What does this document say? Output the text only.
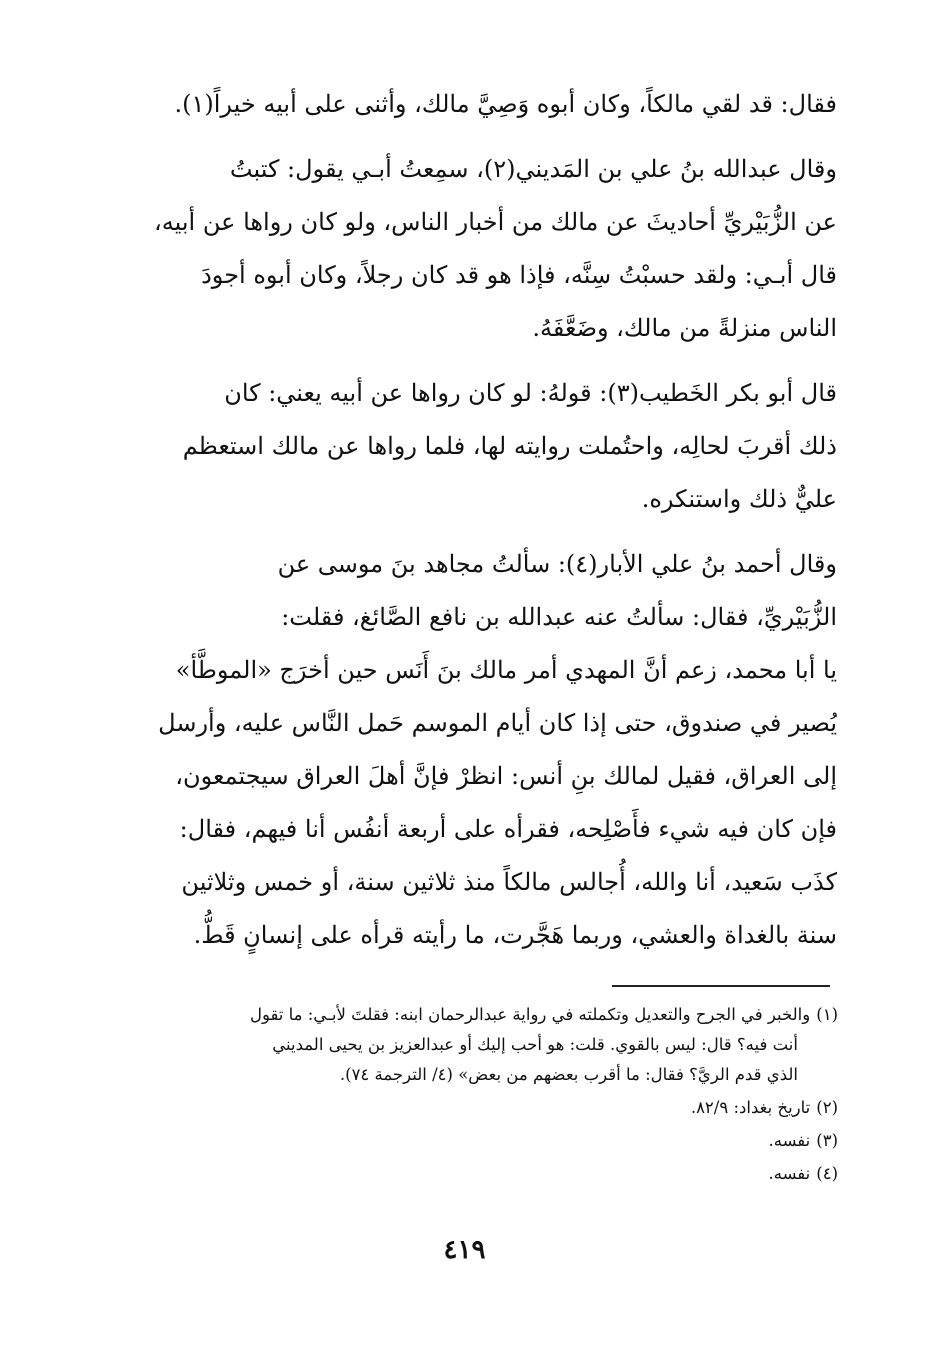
فقال: قد لقي مالكاً، وكان أبوه وَصِيَّ مالك، وأثنى على أبيه خيراً(١).

وقال عبدالله بنُ علي بن المَديني(٢)، سمِعتُ أبـي يقول: كتبتُ
عن الزُّبَيْريِّ أحاديثَ عن مالك من أخبار الناس، ولو كان رواها عن أبيه،
قال أبـي: ولقد حسبْتُ سِنَّه، فإذا هو قد كان رجلاً، وكان أبوه أجودَ
الناس منزلةً من مالك، وضَعَّفَهُ.

قال أبو بكر الخَطيب(٣): قولهُ: لو كان رواها عن أبيه يعني: كان
ذلك أقربَ لحالِه، واحتُملت روايته لها، فلما رواها عن مالك استعظم
عليٌّ ذلك واستنكره.

وقال أحمد بنُ علي الأبار(٤): سألتُ مجاهد بنَ موسى عن
الزُّبَيْريِّ، فقال: سألتُ عنه عبدالله بن نافع الصَّائغ، فقلت:
يا أبا محمد، زعم أنَّ المهدي أمر مالك بنَ أَنَس حين أخرَج «الموطَّأ»
يُصير في صندوق، حتى إذا كان أيام الموسم حَمل النَّاس عليه، وأرسل
إلى العراق، فقيل لمالك بنِ أنس: انظرْ فإنَّ أهلَ العراق سيجتمعون،
فإن كان فيه شيء فأَصْلِحه، فقرأه على أربعة أنفُس أنا فيهم، فقال:
كذَب سَعيد، أنا والله، أُجالس مالكاً منذ ثلاثين سنة، أو خمس وثلاثين
سنة بالغداة والعشي، وربما هَجَّرت، ما رأيته قرأه على إنسانٍ قَطُّ.

(١)والخبر في الجرح والتعديل وتكملته في رواية عبدالرحمان ابنه: فقلتَ لأبـي: ما تقول
أنت فيه؟ قال: ليس بالقوي. قلت: هو أحب إليك أو عبدالعزيز بن يحيى المديني
الذي قدم الريَّ؟ فقال: ما أقرب بعضهم من بعض» (٤/ الترجمة ٧٤).
(٢)تاريخ بغداد: ٨٢/٩.
(٣)نفسه.
(٤)نفسه.
٤١٩
